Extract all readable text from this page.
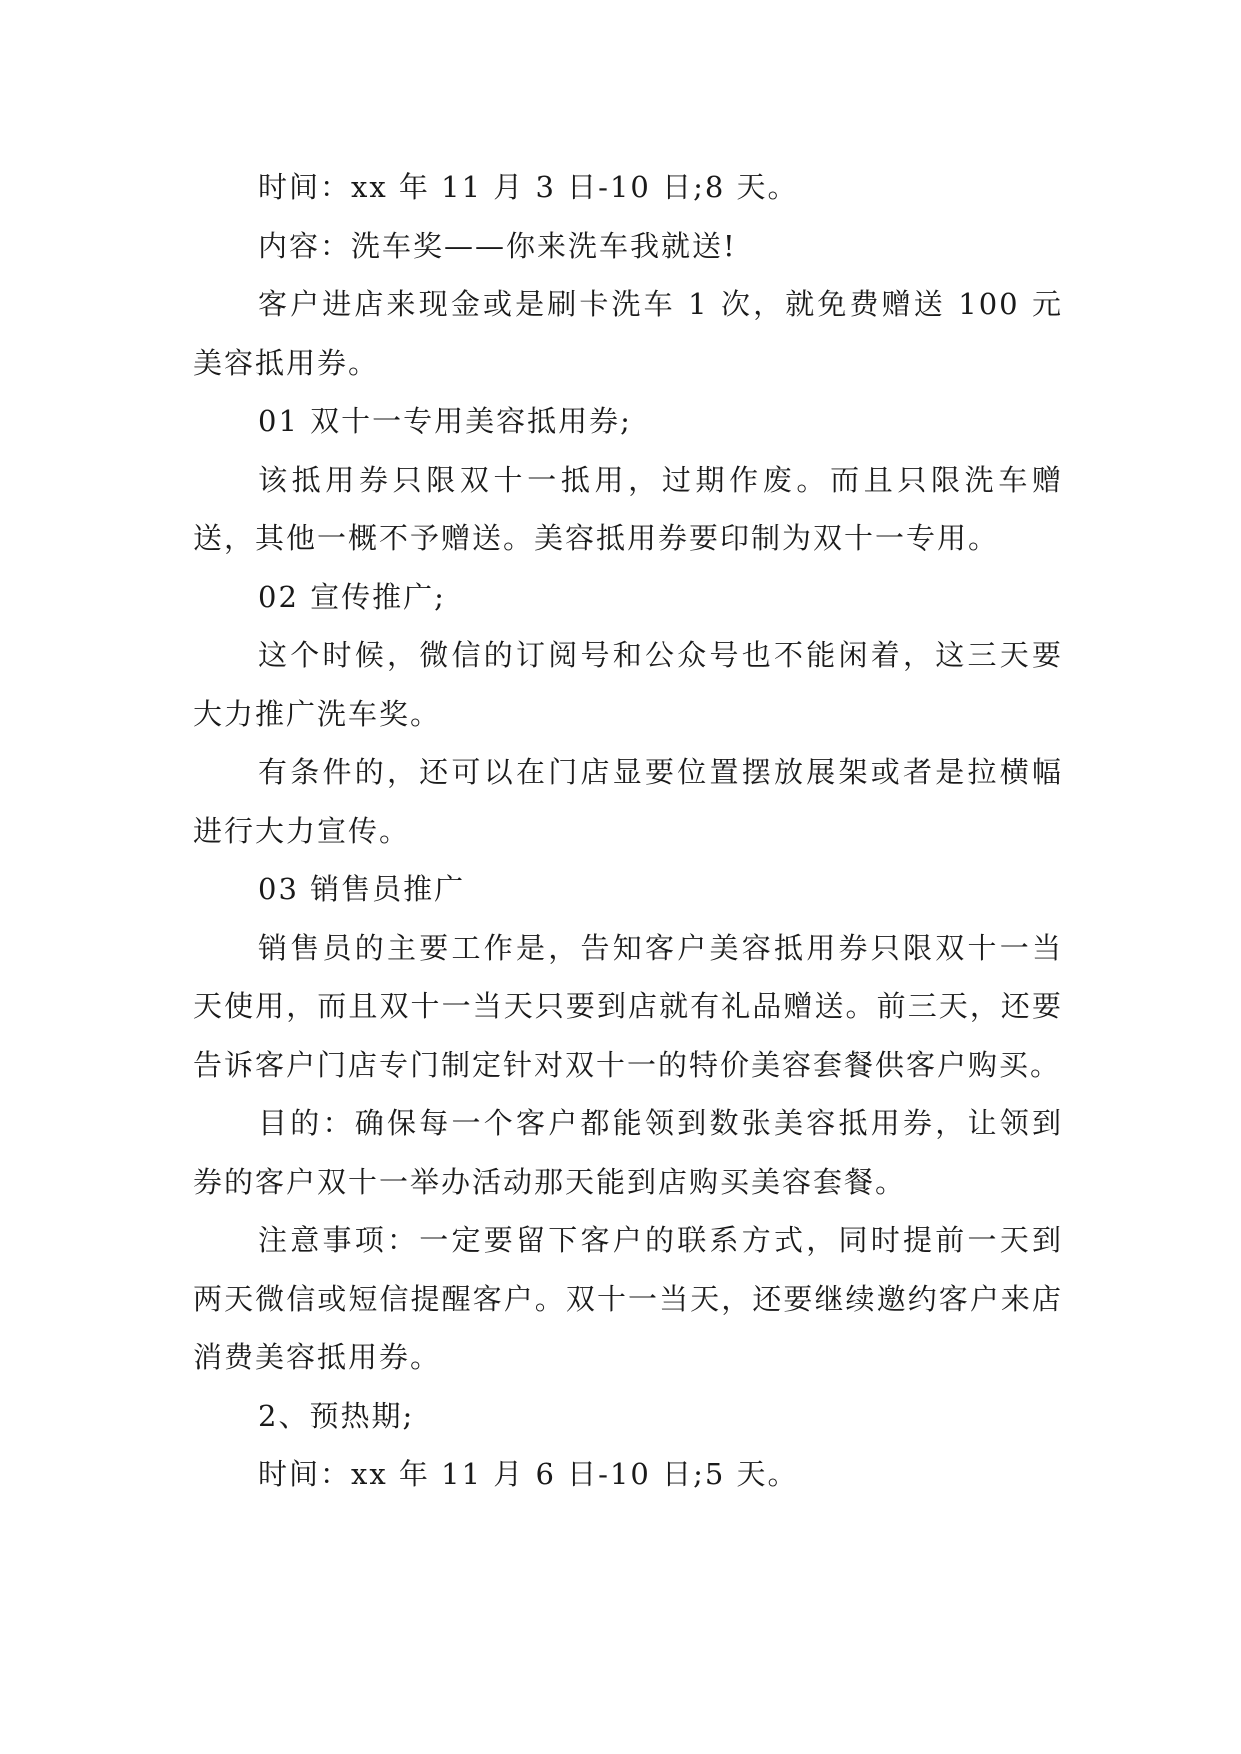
时间：xx 年 11 月 3 日-10 日;8 天。

内容：洗车奖——你来洗车我就送!

客户进店来现金或是刷卡洗车 1 次，就免费赠送 100 元美容抵用券。

01 双十一专用美容抵用券;

该抵用券只限双十一抵用，过期作废。而且只限洗车赠送，其他一概不予赠送。美容抵用券要印制为双十一专用。

02 宣传推广;

这个时候，微信的订阅号和公众号也不能闲着，这三天要大力推广洗车奖。

有条件的，还可以在门店显要位置摆放展架或者是拉横幅进行大力宣传。

03 销售员推广

销售员的主要工作是，告知客户美容抵用券只限双十一当天使用，而且双十一当天只要到店就有礼品赠送。前三天，还要告诉客户门店专门制定针对双十一的特价美容套餐供客户购买。

目的：确保每一个客户都能领到数张美容抵用券，让领到券的客户双十一举办活动那天能到店购买美容套餐。

注意事项：一定要留下客户的联系方式，同时提前一天到两天微信或短信提醒客户。双十一当天，还要继续邀约客户来店消费美容抵用券。

2、预热期;

时间：xx 年 11 月 6 日-10 日;5 天。
